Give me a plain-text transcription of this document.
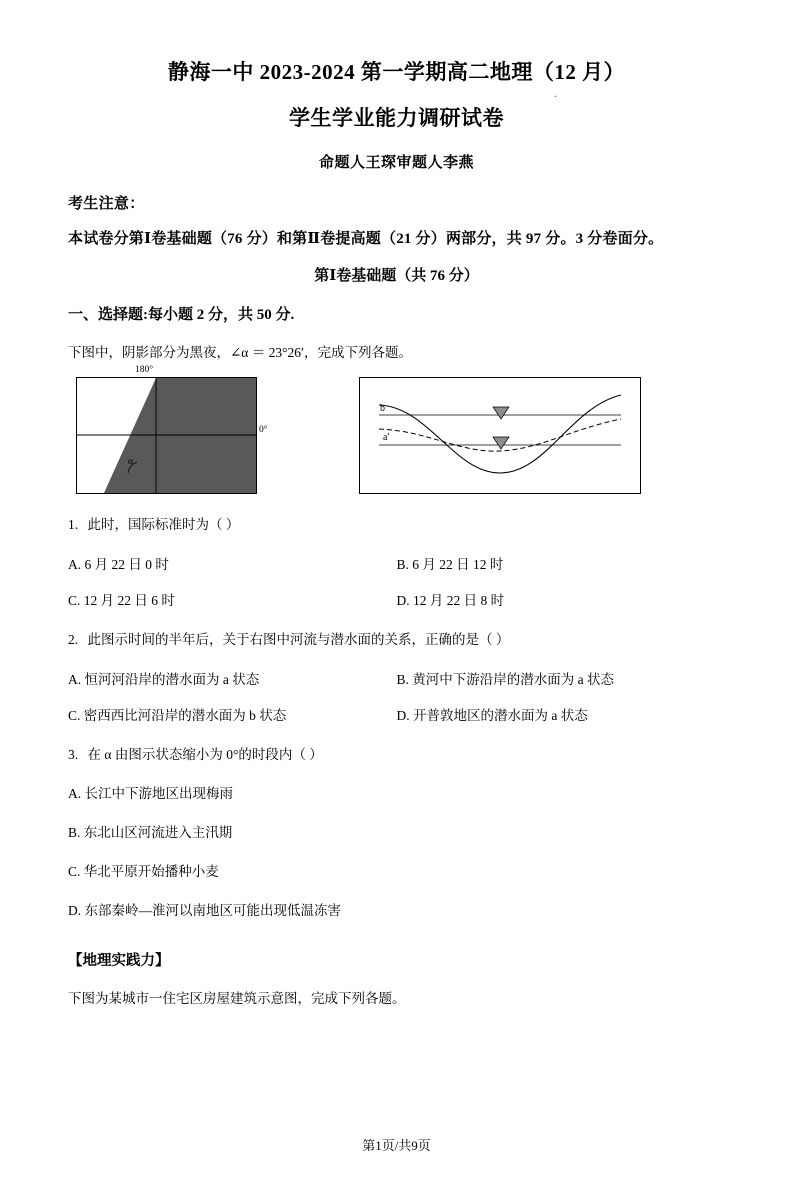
.
静海一中 2023-2024 第一学期高二地理（12 月）
学生学业能力调研试卷
命题人王琛审题人李燕
考生注意：
本试卷分第Ⅰ卷基础题（76 分）和第Ⅱ卷提高题（21 分）两部分，共 97 分。3 分卷面分。
第Ⅰ卷基础题（共 76 分）
一、选择题:每小题 2 分，共 50 分.
下图中，阴影部分为黑夜，∠α ＝ 23°26′，完成下列各题。
180°
0°
α
b
a'
1. 此时，国际标准时为（ ）
A. 6 月 22 日 0 时	B. 6 月 22 日 12 时
C. 12 月 22 日 6 时	D. 12 月 22 日 8 时
2. 此图示时间的半年后，关于右图中河流与潜水面的关系，正确的是（ ）
A. 恒河河沿岸的潜水面为 a 状态	B. 黄河中下游沿岸的潜水面为 a 状态
C. 密西西比河沿岸的潜水面为 b 状态	D. 开普敦地区的潜水面为 a 状态
3. 在 α 由图示状态缩小为 0°的时段内（ ）
A. 长江中下游地区出现梅雨
B. 东北山区河流进入主汛期
C. 华北平原开始播种小麦
D. 东部秦岭—淮河以南地区可能出现低温冻害
【地理实践力】
下图为某城市一住宅区房屋建筑示意图，完成下列各题。
第1页/共9页
